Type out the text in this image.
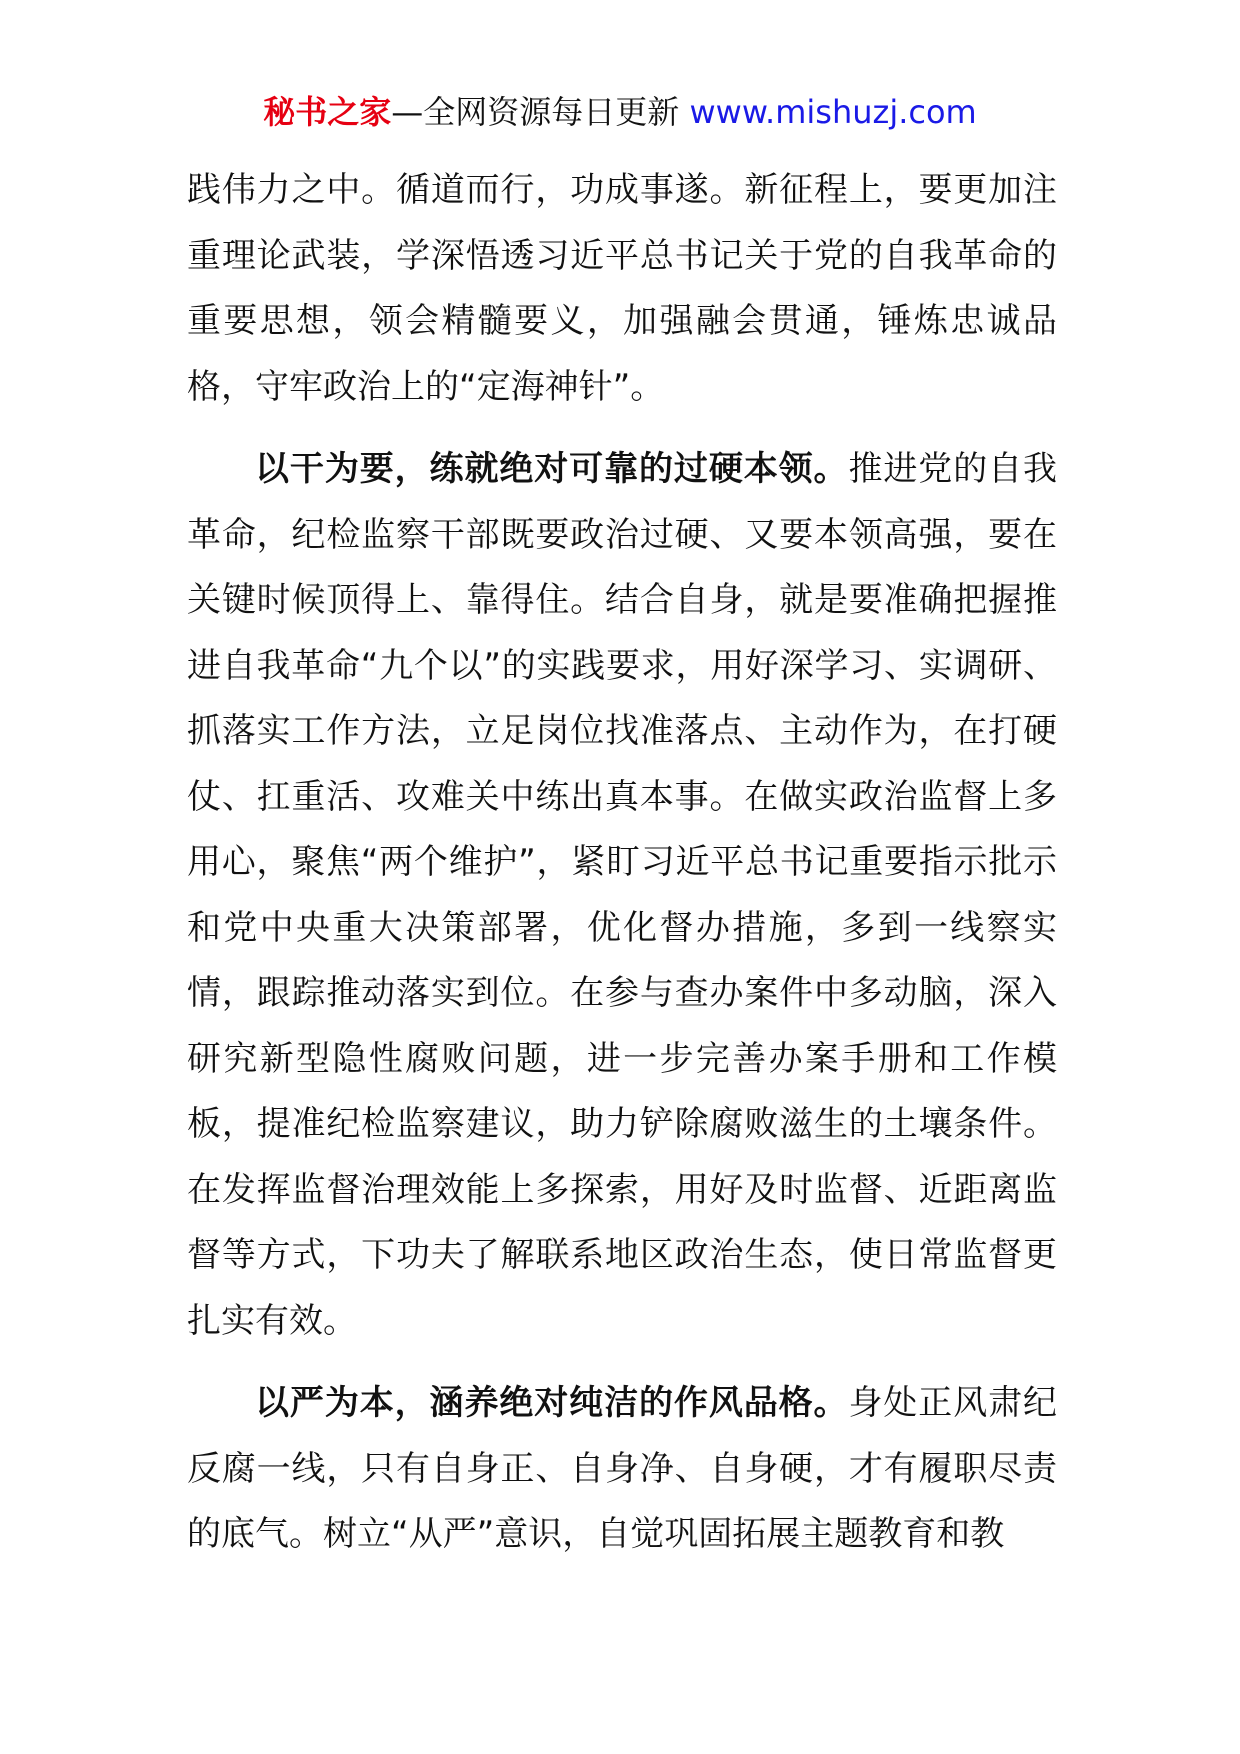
秘书之家—全网资源每日更新 www.mishuzj.com

践伟力之中。循道而行，功成事遂。新征程上，要更加注重理论武装，学深悟透习近平总书记关于党的自我革命的重要思想，领会精髓要义，加强融会贯通，锤炼忠诚品格，守牢政治上的“定海神针”。

以干为要，练就绝对可靠的过硬本领。推进党的自我革命，纪检监察干部既要政治过硬、又要本领高强，要在关键时候顶得上、靠得住。结合自身，就是要准确把握推进自我革命“九个以”的实践要求，用好深学习、实调研、抓落实工作方法，立足岗位找准落点、主动作为，在打硬仗、扛重活、攻难关中练出真本事。在做实政治监督上多用心，聚焦“两个维护”，紧盯习近平总书记重要指示批示和党中央重大决策部署，优化督办措施，多到一线察实情，跟踪推动落实到位。在参与查办案件中多动脑，深入研究新型隐性腐败问题，进一步完善办案手册和工作模板，提准纪检监察建议，助力铲除腐败滋生的土壤条件。在发挥监督治理效能上多探索，用好及时监督、近距离监督等方式，下功夫了解联系地区政治生态，使日常监督更扎实有效。

以严为本，涵养绝对纯洁的作风品格。身处正风肃纪反腐一线，只有自身正、自身净、自身硬，才有履职尽责的底气。树立“从严”意识，自觉巩固拓展主题教育和教
